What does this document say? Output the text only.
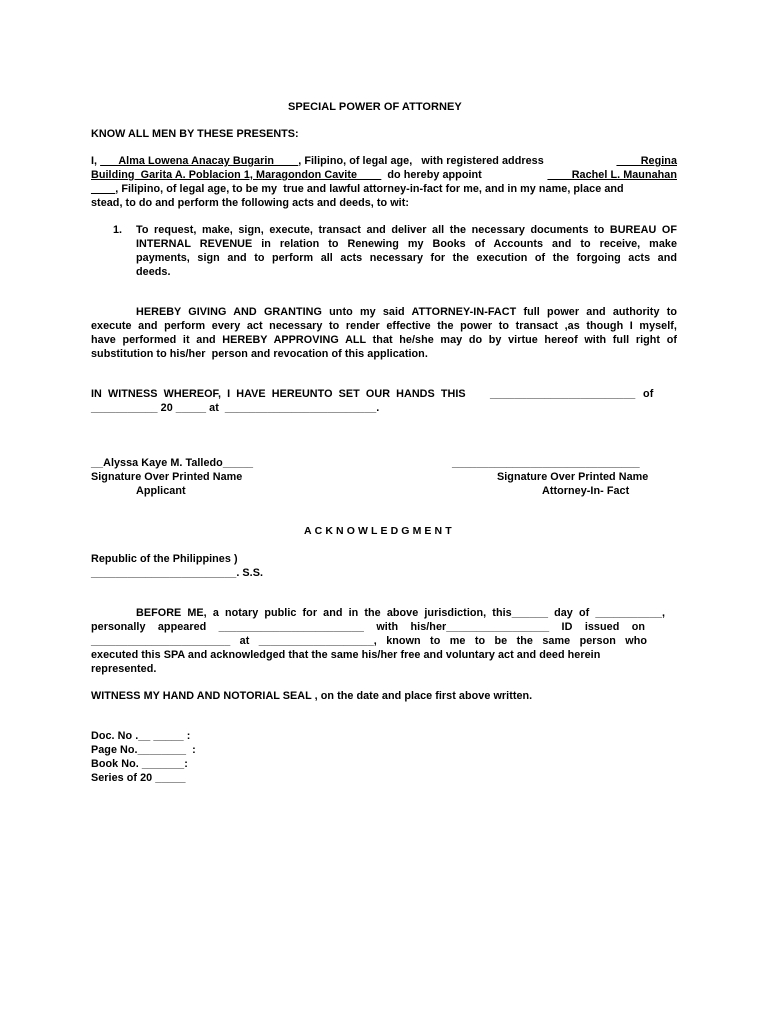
SPECIAL POWER OF ATTORNEY

KNOW ALL MEN BY THESE PRESENTS:

I, ___Alma Lowena Anacay Bugarin____, Filipino, of legal age,   with registered address	____Regina

Building  Garita A. Poblacion 1, Maragondon Cavite____  do hereby appoint	____Rachel L. Maunahan

____, Filipino, of legal age, to be my  true and lawful attorney-in-fact for me, and in my name, place and

stead, to do and perform the following acts and deeds, to wit:

1. To request, make, sign, execute, transact and deliver all the necessary documents to BUREAU OF

INTERNAL REVENUE in relation to Renewing my Books of Accounts and to receive, make

payments, sign and to perform all acts necessary for the execution of the forgoing acts and

deeds.

HEREBY GIVING AND GRANTING unto my said ATTORNEY-IN-FACT full power and authority to

execute and perform every act necessary to render effective the power to transact ,as though I myself,

have performed it and HEREBY APPROVING ALL that he/she may do by virtue hereof with full right of

substitution to his/her  person and revocation of this application.

IN  WITNESS  WHEREOF,  I  HAVE  HEREUNTO  SET  OUR  HANDS  THIS ________________________ of

___________ 20 _____ at  _________________________.

__Alyssa Kaye M. Talledo_____

Signature Over Printed Name

Applicant

_______________________________

Signature Over Printed Name

Attorney-In- Fact

ACKNOWLEDGMENT

Republic of the Philippines )

________________________. S.S.

BEFORE ME, a notary public for and in the above jurisdiction, this______ day of ___________,

personally appeared ________________________ with his/her_________________ ID issued on

_______________________ at ___________________, known to me to be the same person who

executed this SPA and acknowledged that the same his/her free and voluntary act and deed herein

represented.

WITNESS MY HAND AND NOTORIAL SEAL , on the date and place first above written.

Doc. No .__ _____ :

Page No.________  :

Book No. _______:

Series of 20 _____
